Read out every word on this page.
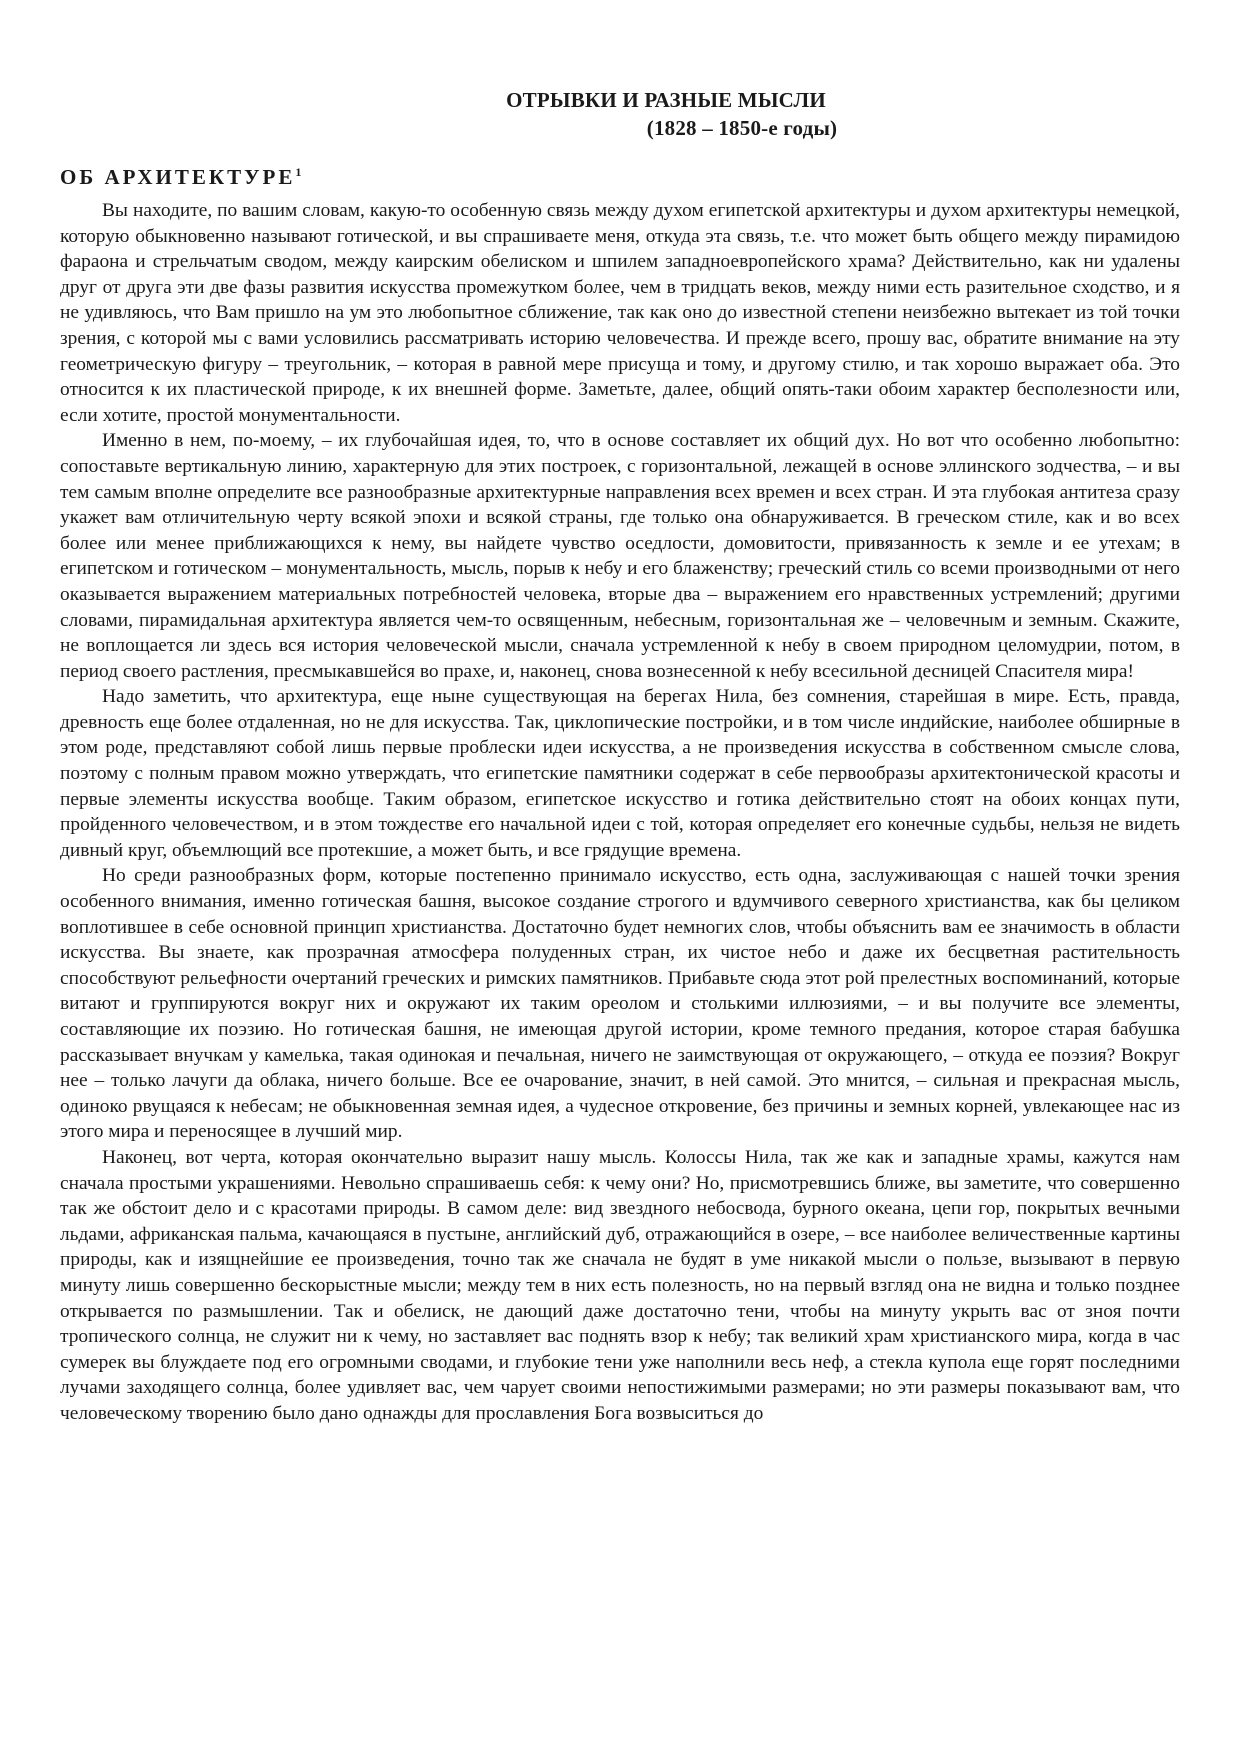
ОТРЫВКИ И РАЗНЫЕ МЫСЛИ
(1828 – 1850-е годы)
ОБ АРХИТЕКТУРЕ$^1$

Вы находите, по вашим словам, какую-то особенную связь между духом египетской архитектуры и духом архитектуры немецкой, которую обыкновенно называют готической, и вы спрашиваете меня, откуда эта связь, т.е. что может быть общего между пирамидою фараона и стрельчатым сводом, между каирским обелиском и шпилем западноевропейского храма? Действительно, как ни удалены друг от друга эти две фазы развития искусства промежутком более, чем в тридцать веков, между ними есть разительное сходство, и я не удивляюсь, что Вам пришло на ум это любопытное сближение, так как оно до известной степени неизбежно вытекает из той точки зрения, с которой мы с вами условились рассматривать историю человечества. И прежде всего, прошу вас, обратите внимание на эту геометрическую фигуру – треугольник, – которая в равной мере присуща и тому, и другому стилю, и так хорошо выражает оба. Это относится к их пластической природе, к их внешней форме. Заметьте, далее, общий опять-таки обоим характер бесполезности или, если хотите, простой монументальности.

Именно в нем, по-моему, – их глубочайшая идея, то, что в основе составляет их общий дух. Но вот что особенно любопытно: сопоставьте вертикальную линию, характерную для этих построек, с горизонтальной, лежащей в основе эллинского зодчества, – и вы тем самым вполне определите все разнообразные архитектурные направления всех времен и всех стран. И эта глубокая антитеза сразу укажет вам отличительную черту всякой эпохи и всякой страны, где только она обнаруживается. В греческом стиле, как и во всех более или менее приближающихся к нему, вы найдете чувство оседлости, домовитости, привязанность к земле и ее утехам; в египетском и готическом – монументальность, мысль, порыв к небу и его блаженству; греческий стиль со всеми производными от него оказывается выражением материальных потребностей человека, вторые два – выражением его нравственных устремлений; другими словами, пирамидальная архитектура является чем-то освященным, небесным, горизонтальная же – человечным и земным. Скажите, не воплощается ли здесь вся история человеческой мысли, сначала устремленной к небу в своем природном целомудрии, потом, в период своего растления, пресмыкавшейся во прахе, и, наконец, снова вознесенной к небу всесильной десницей Спасителя мира!

Надо заметить, что архитектура, еще ныне существующая на берегах Нила, без сомнения, старейшая в мире. Есть, правда, древность еще более отдаленная, но не для искусства. Так, циклопические постройки, и в том числе индийские, наиболее обширные в этом роде, представляют собой лишь первые проблески идеи искусства, а не произведения искусства в собственном смысле слова, поэтому с полным правом можно утверждать, что египетские памятники содержат в себе первообразы архитектонической красоты и первые элементы искусства вообще. Таким образом, египетское искусство и готика действительно стоят на обоих концах пути, пройденного человечеством, и в этом тождестве его начальной идеи с той, которая определяет его конечные судьбы, нельзя не видеть дивный круг, объемлющий все протекшие, а может быть, и все грядущие времена.

Но среди разнообразных форм, которые постепенно принимало искусство, есть одна, заслуживающая с нашей точки зрения особенного внимания, именно готическая башня, высокое создание строгого и вдумчивого северного христианства, как бы целиком воплотившее в себе основной принцип христианства. Достаточно будет немногих слов, чтобы объяснить вам ее значимость в области искусства. Вы знаете, как прозрачная атмосфера полуденных стран, их чистое небо и даже их бесцветная растительность способствуют рельефности очертаний греческих и римских памятников. Прибавьте сюда этот рой прелестных воспоминаний, которые витают и группируются вокруг них и окружают их таким ореолом и столькими иллюзиями, – и вы получите все элементы, составляющие их поэзию. Но готическая башня, не имеющая другой истории, кроме темного предания, которое старая бабушка рассказывает внучкам у камелька, такая одинокая и печальная, ничего не заимствующая от окружающего, – откуда ее поэзия? Вокруг нее – только лачуги да облака, ничего больше. Все ее очарование, значит, в ней самой. Это мнится, – сильная и прекрасная мысль, одиноко рвущаяся к небесам; не обыкновенная земная идея, а чудесное откровение, без причины и земных корней, увлекающее нас из этого мира и переносящее в лучший мир.

Наконец, вот черта, которая окончательно выразит нашу мысль. Колоссы Нила, так же как и западные храмы, кажутся нам сначала простыми украшениями. Невольно спрашиваешь себя: к чему они? Но, присмотревшись ближе, вы заметите, что совершенно так же обстоит дело и с красотами природы. В самом деле: вид звездного небосвода, бурного океана, цепи гор, покрытых вечными льдами, африканская пальма, качающаяся в пустыне, английский дуб, отражающийся в озере, – все наиболее величественные картины природы, как и изящнейшие ее произведения, точно так же сначала не будят в уме никакой мысли о пользе, вызывают в первую минуту лишь совершенно бескорыстные мысли; между тем в них есть полезность, но на первый взгляд она не видна и только позднее открывается по размышлении. Так и обелиск, не дающий даже достаточно тени, чтобы на минуту укрыть вас от зноя почти тропического солнца, не служит ни к чему, но заставляет вас поднять взор к небу; так великий храм христианского мира, когда в час сумерек вы блуждаете под его огромными сводами, и глубокие тени уже наполнили весь неф, а стекла купола еще горят последними лучами заходящего солнца, более удивляет вас, чем чарует своими непостижимыми размерами; но эти размеры показывают вам, что человеческому творению было дано однажды для прославления Бога возвыситься до
